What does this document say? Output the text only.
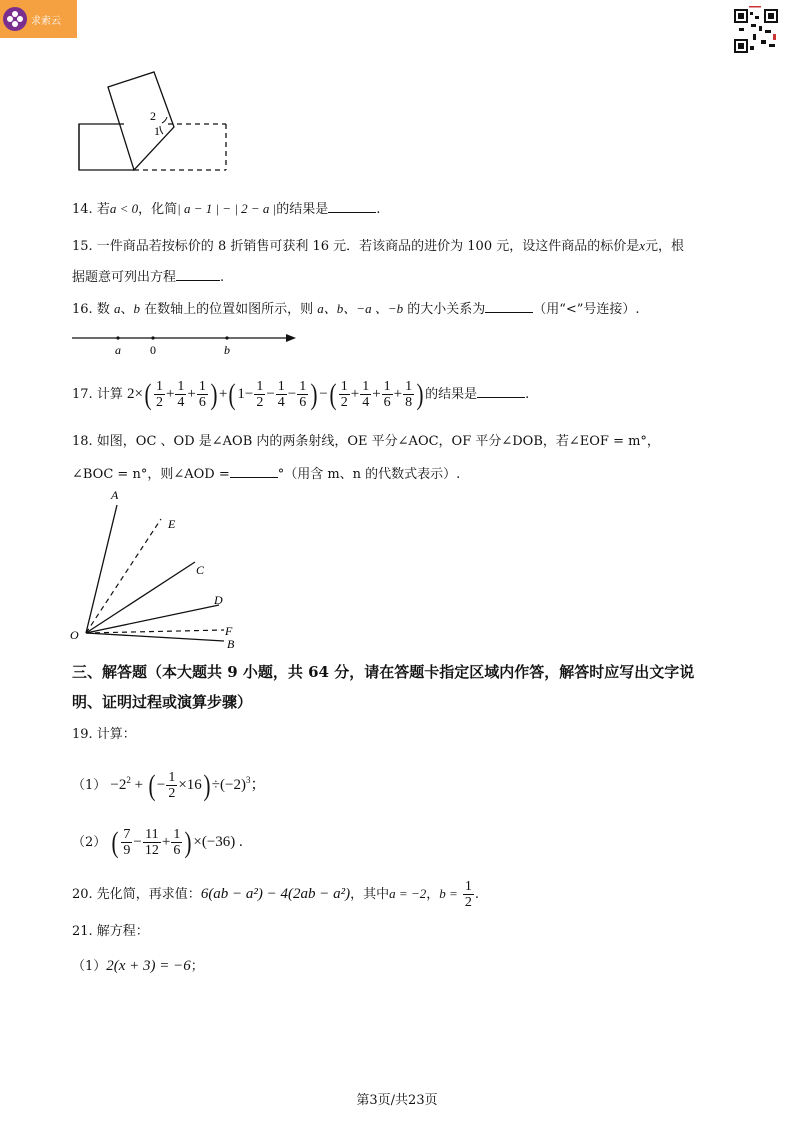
求索云
2
1
14. 若a < 0，化简| a − 1 | − | 2 − a |的结果是	.
15. 一件商品若按标价的 8 折销售可获利 16 元．若该商品的进价为 100 元，设这件商品的标价是x元，根
据题意可列出方程	.
16. 数 a、b 在数轴上的位置如图所示，则 a、b、−a 、−b 的大小关系为	（用“<”号连接）.
a 0	b
17. 计算 $2\times( \frac{1}{2} + \frac{1}{4} + \frac{1}{6}$ ) +( $1- \frac{1}{2} - \frac{1}{4} - \frac{1}{6}$ ) −( $\frac{1}{2} + \frac{1}{4} + \frac{1}{6} + \frac{1}{8}$ ) 的结果是	.
18. 如图，OC 、OD 是∠AOB 内的两条射线，OE 平分∠AOC，OF 平分∠DOB，若∠EOF = m°，
∠BOC = n°，则∠AOD =	°（用含 m、n 的代数式表示）.
A
E
C
D
F
B
O
三、解答题（本大题共 9 小题，共 64 分，请在答题卡指定区域内作答，解答时应写出文字说
明、证明过程或演算步骤）
19. 计算：
$(1) -2^2$ + ( − $\frac{1}{2} \times 16) \div(-2)^3$；
（2） ( $\frac{7}{9} - \frac{11}{12} + \frac{1}{6}$ ) ×(−36) .
20. 先化简，再求值：6(ab − a²) − 4(2ab − a²)，其中a = −2，$b = \frac{1}{2}$ .
21. 解方程：
（1）2(x + 3) = −6；
第3页/共23页
